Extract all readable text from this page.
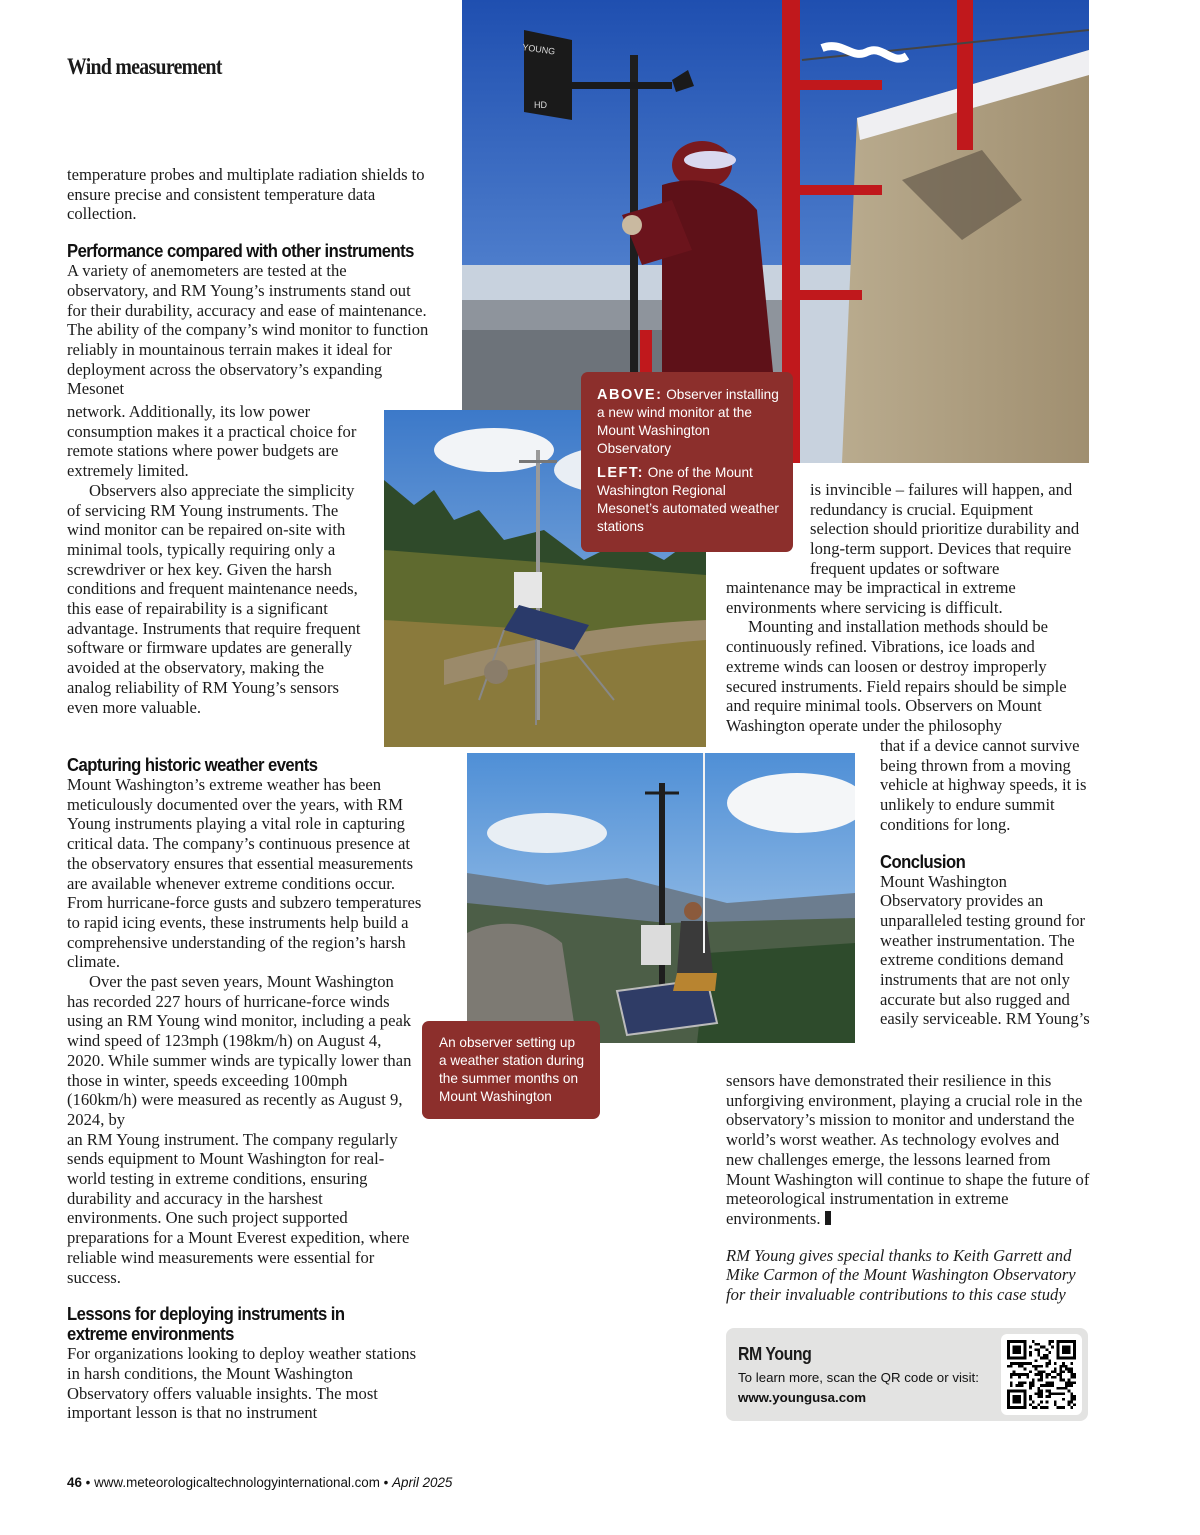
Wind measurement

temperature probes and multiplate radiation shields to ensure precise and consistent temperature data collection.

Performance compared with other instruments

A variety of anemometers are tested at the observatory, and RM Young’s instruments stand out for their durability, accuracy and ease of maintenance. The ability of the company’s wind monitor to function reliably in mountainous terrain makes it ideal for deployment across the observatory’s expanding Mesonet

network. Additionally, its low power consumption makes it a practical choice for remote stations where power budgets are extremely limited.

Observers also appreciate the simplicity of servicing RM Young instruments. The wind monitor can be repaired on-site with minimal tools, typically requiring only a screwdriver or hex key. Given the harsh conditions and frequent maintenance needs, this ease of repairability is a significant advantage. Instruments that require frequent software or firmware updates are generally avoided at the observatory, making the analog reliability of RM Young’s sensors even more valuable.

Capturing historic weather events

Mount Washington’s extreme weather has been meticulously documented over the years, with RM Young instruments playing a vital role in capturing critical data. The company’s continuous presence at the observatory ensures that essential measurements are available whenever extreme conditions occur. From hurricane-force gusts and subzero temperatures to rapid icing events, these instruments help build a comprehensive understanding of the region’s harsh climate.

Over the past seven years, Mount Washington has recorded 227 hours of hurricane-force winds using an RM Young wind monitor, including a peak wind speed of 123mph (198km/h) on August 4, 2020. While summer winds are typically lower than those in winter, speeds exceeding 100mph (160km/h) were measured as recently as August 9, 2024, by

an RM Young instrument. The company regularly sends equipment to Mount Washington for real-world testing in extreme conditions, ensuring durability and accuracy in the harshest environments. One such project supported preparations for a Mount Everest expedition, where reliable wind measurements were essential for success.

Lessons for deploying instruments in
extreme environments

For organizations looking to deploy weather stations in harsh conditions, the Mount Washington Observatory offers valuable insights. The most important lesson is that no instrument

is invincible – failures will happen, and redundancy is crucial. Equipment selection should prioritize durability and long-term support. Devices that require frequent updates or software

maintenance may be impractical in extreme environments where servicing is difficult.

Mounting and installation methods should be continuously refined. Vibrations, ice loads and extreme winds can loosen or destroy improperly secured instruments. Field repairs should be simple and require minimal tools. Observers on Mount Washington operate under the philosophy

that if a device cannot survive being thrown from a moving vehicle at highway speeds, it is unlikely to endure summit conditions for long.

Conclusion

Mount Washington Observatory provides an unparalleled testing ground for weather instrumentation. The extreme conditions demand instruments that are not only accurate but also rugged and easily serviceable. RM Young’s

sensors have demonstrated their resilience in this unforgiving environment, playing a crucial role in the observatory’s mission to monitor and understand the world’s worst weather. As technology evolves and new challenges emerge, the lessons learned from Mount Washington will continue to shape the future of meteorological instrumentation in extreme environments.

RM Young gives special thanks to Keith Garrett and Mike Carmon of the Mount Washington Observatory for their invaluable contributions to this case study

YOUNG
HD

ABOVE: Observer installing a new wind monitor at the Mount Washington Observatory

LEFT: One of the Mount Washington Regional Mesonet’s automated weather stations

An observer setting up a weather station during the summer months on Mount Washington

RM Young
To learn more, scan the QR code or visit:
www.youngusa.com
46 • www.meteorologicaltechnologyinternational.com • April 2025
